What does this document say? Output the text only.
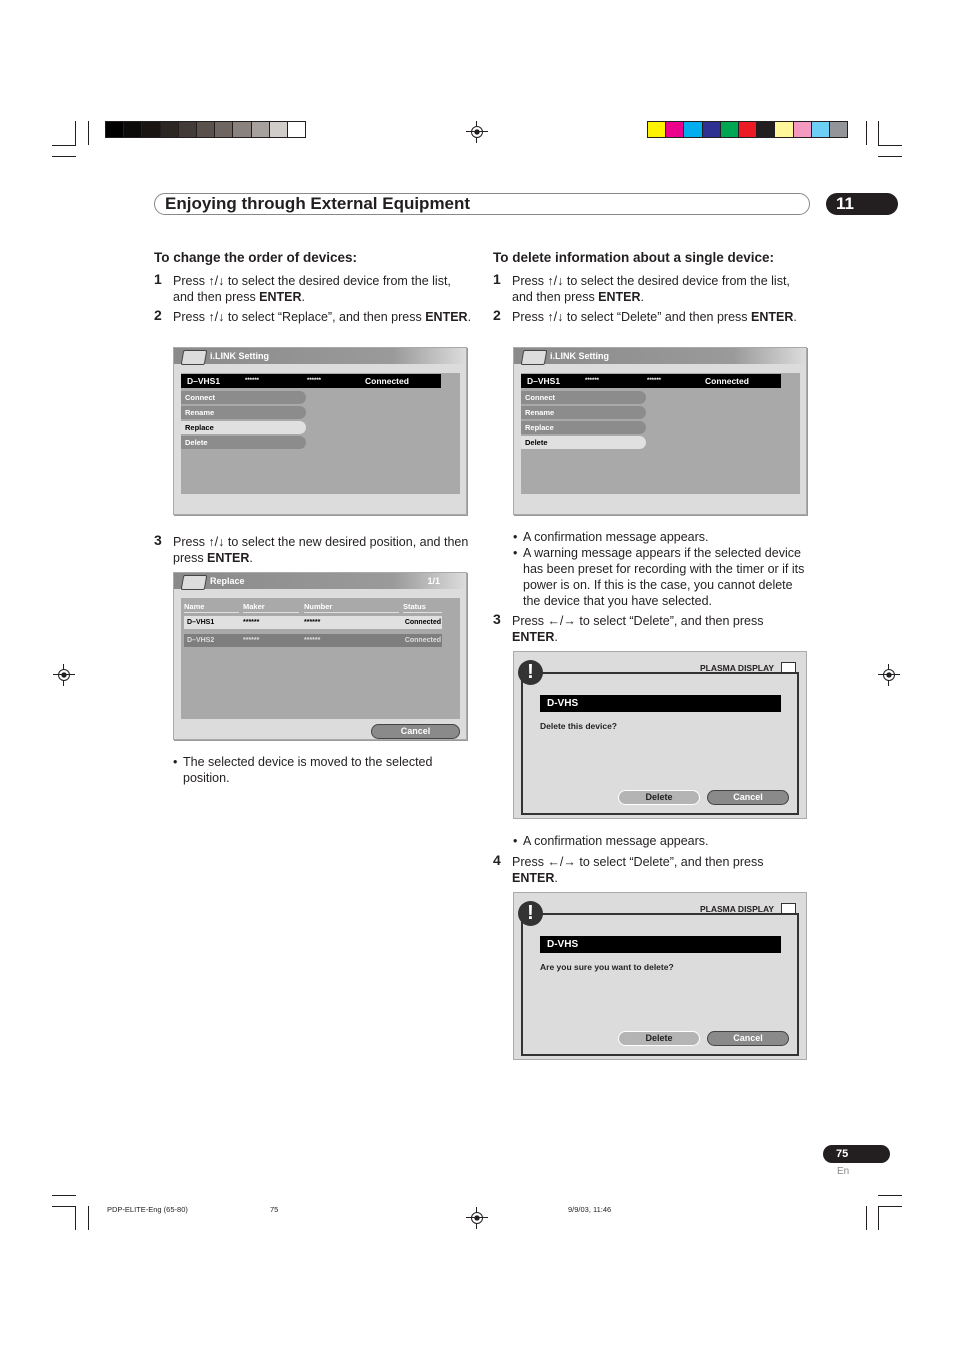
Enjoying through External Equipment	11
To change the order of devices:
1 Press ↑/↓ to select the desired device from the list, and then press ENTER.
2 Press ↑/↓ to select “Replace”, and then press ENTER.
i.LINK Setting
D–VHS1	******	******	Connected
Connect
Rename
Replace
Delete
3 Press ↑/↓ to select the new desired position, and then press ENTER.
Replace	1/1
Name	Maker	Number	Status
D–VHS1	******	******	Connected
D–VHS2	******	******	Connected
Cancel
• The selected device is moved to the selected position.
To delete information about a single device:
1 Press ↑/↓ to select the desired device from the list, and then press ENTER.
2 Press ↑/↓ to select “Delete” and then press ENTER.
i.LINK Setting
D–VHS1	******	******	Connected
Connect
Rename
Replace
Delete
• A confirmation message appears.
• A warning message appears if the selected device has been preset for recording with the timer or if its power is on. If this is the case, you cannot delete the device that you have selected.
3 Press ←/→ to select “Delete”, and then press ENTER.
!	PLASMA DISPLAY
D-VHS
Delete this device?
Delete	Cancel
• A confirmation message appears.
4 Press ←/→ to select “Delete”, and then press ENTER.
!	PLASMA DISPLAY
D-VHS
Are you sure you want to delete?
Delete	Cancel
75
En
PDP-ELITE-Eng (65-80)	75	9/9/03, 11:46
